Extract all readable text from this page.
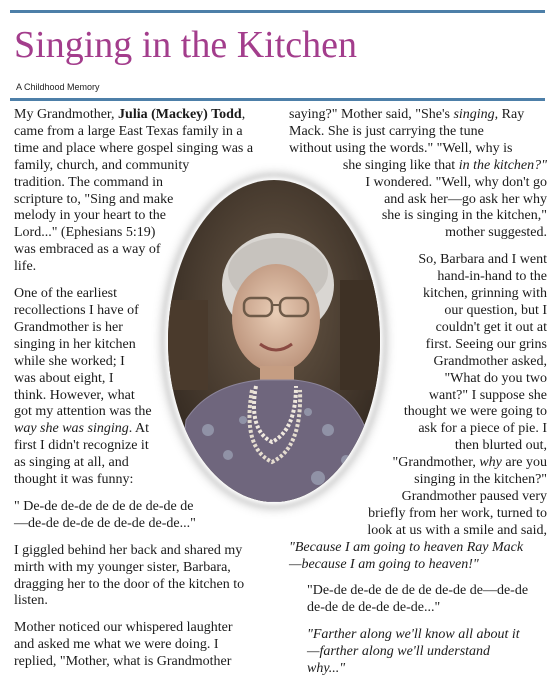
Singing in the Kitchen
A Childhood Memory

My Grandmother, Julia (Mackey) Todd,
came from a large East Texas family in a
time and place where gospel singing was a
family, church, and community
tradition. The command in
scripture to, "Sing and make
melody in your heart to the
Lord..." (Ephesians 5:19)
was embraced as a way of
life.

One of the earliest
recollections I have of
Grandmother is her
singing in her kitchen
while she worked; I
was about eight, I
think. However, what
got my attention was the
way she was singing. At
first I didn't recognize it
as singing at all, and
thought it was funny:

" De-de de-de de de de de-de de
—de-de de-de de de-de de-de..."

I giggled behind her back and shared my
mirth with my younger sister, Barbara,
dragging her to the door of the kitchen to
listen.

Mother noticed our whispered laughter
and asked me what we were doing. I
replied, "Mother, what is Grandmother

saying?" Mother said, "She's singing, Ray
Mack. She is just carrying the tune
without using the words." "Well, why is

she singing like that in the kitchen?"
I wondered. "Well, why don't go
and ask her—go ask her why
she is singing in the kitchen,"
mother suggested.

So, Barbara and I went
hand-in-hand to the
kitchen, grinning with
our question, but I
couldn't get it out at
first. Seeing our grins
Grandmother asked,
"What do you two
want?" I suppose she
thought we were going to
ask for a piece of pie. I
then blurted out,
"Grandmother, why are you
singing in the kitchen?"
Grandmother paused very
briefly from her work, turned to
look at us with a smile and said,

"Because I am going to heaven Ray Mack
—because I am going to heaven!"

"De-de de-de de de de de-de de—de-de
de-de de de-de de-de..."

"Farther along we'll know all about it
—farther along we'll understand
why..."
